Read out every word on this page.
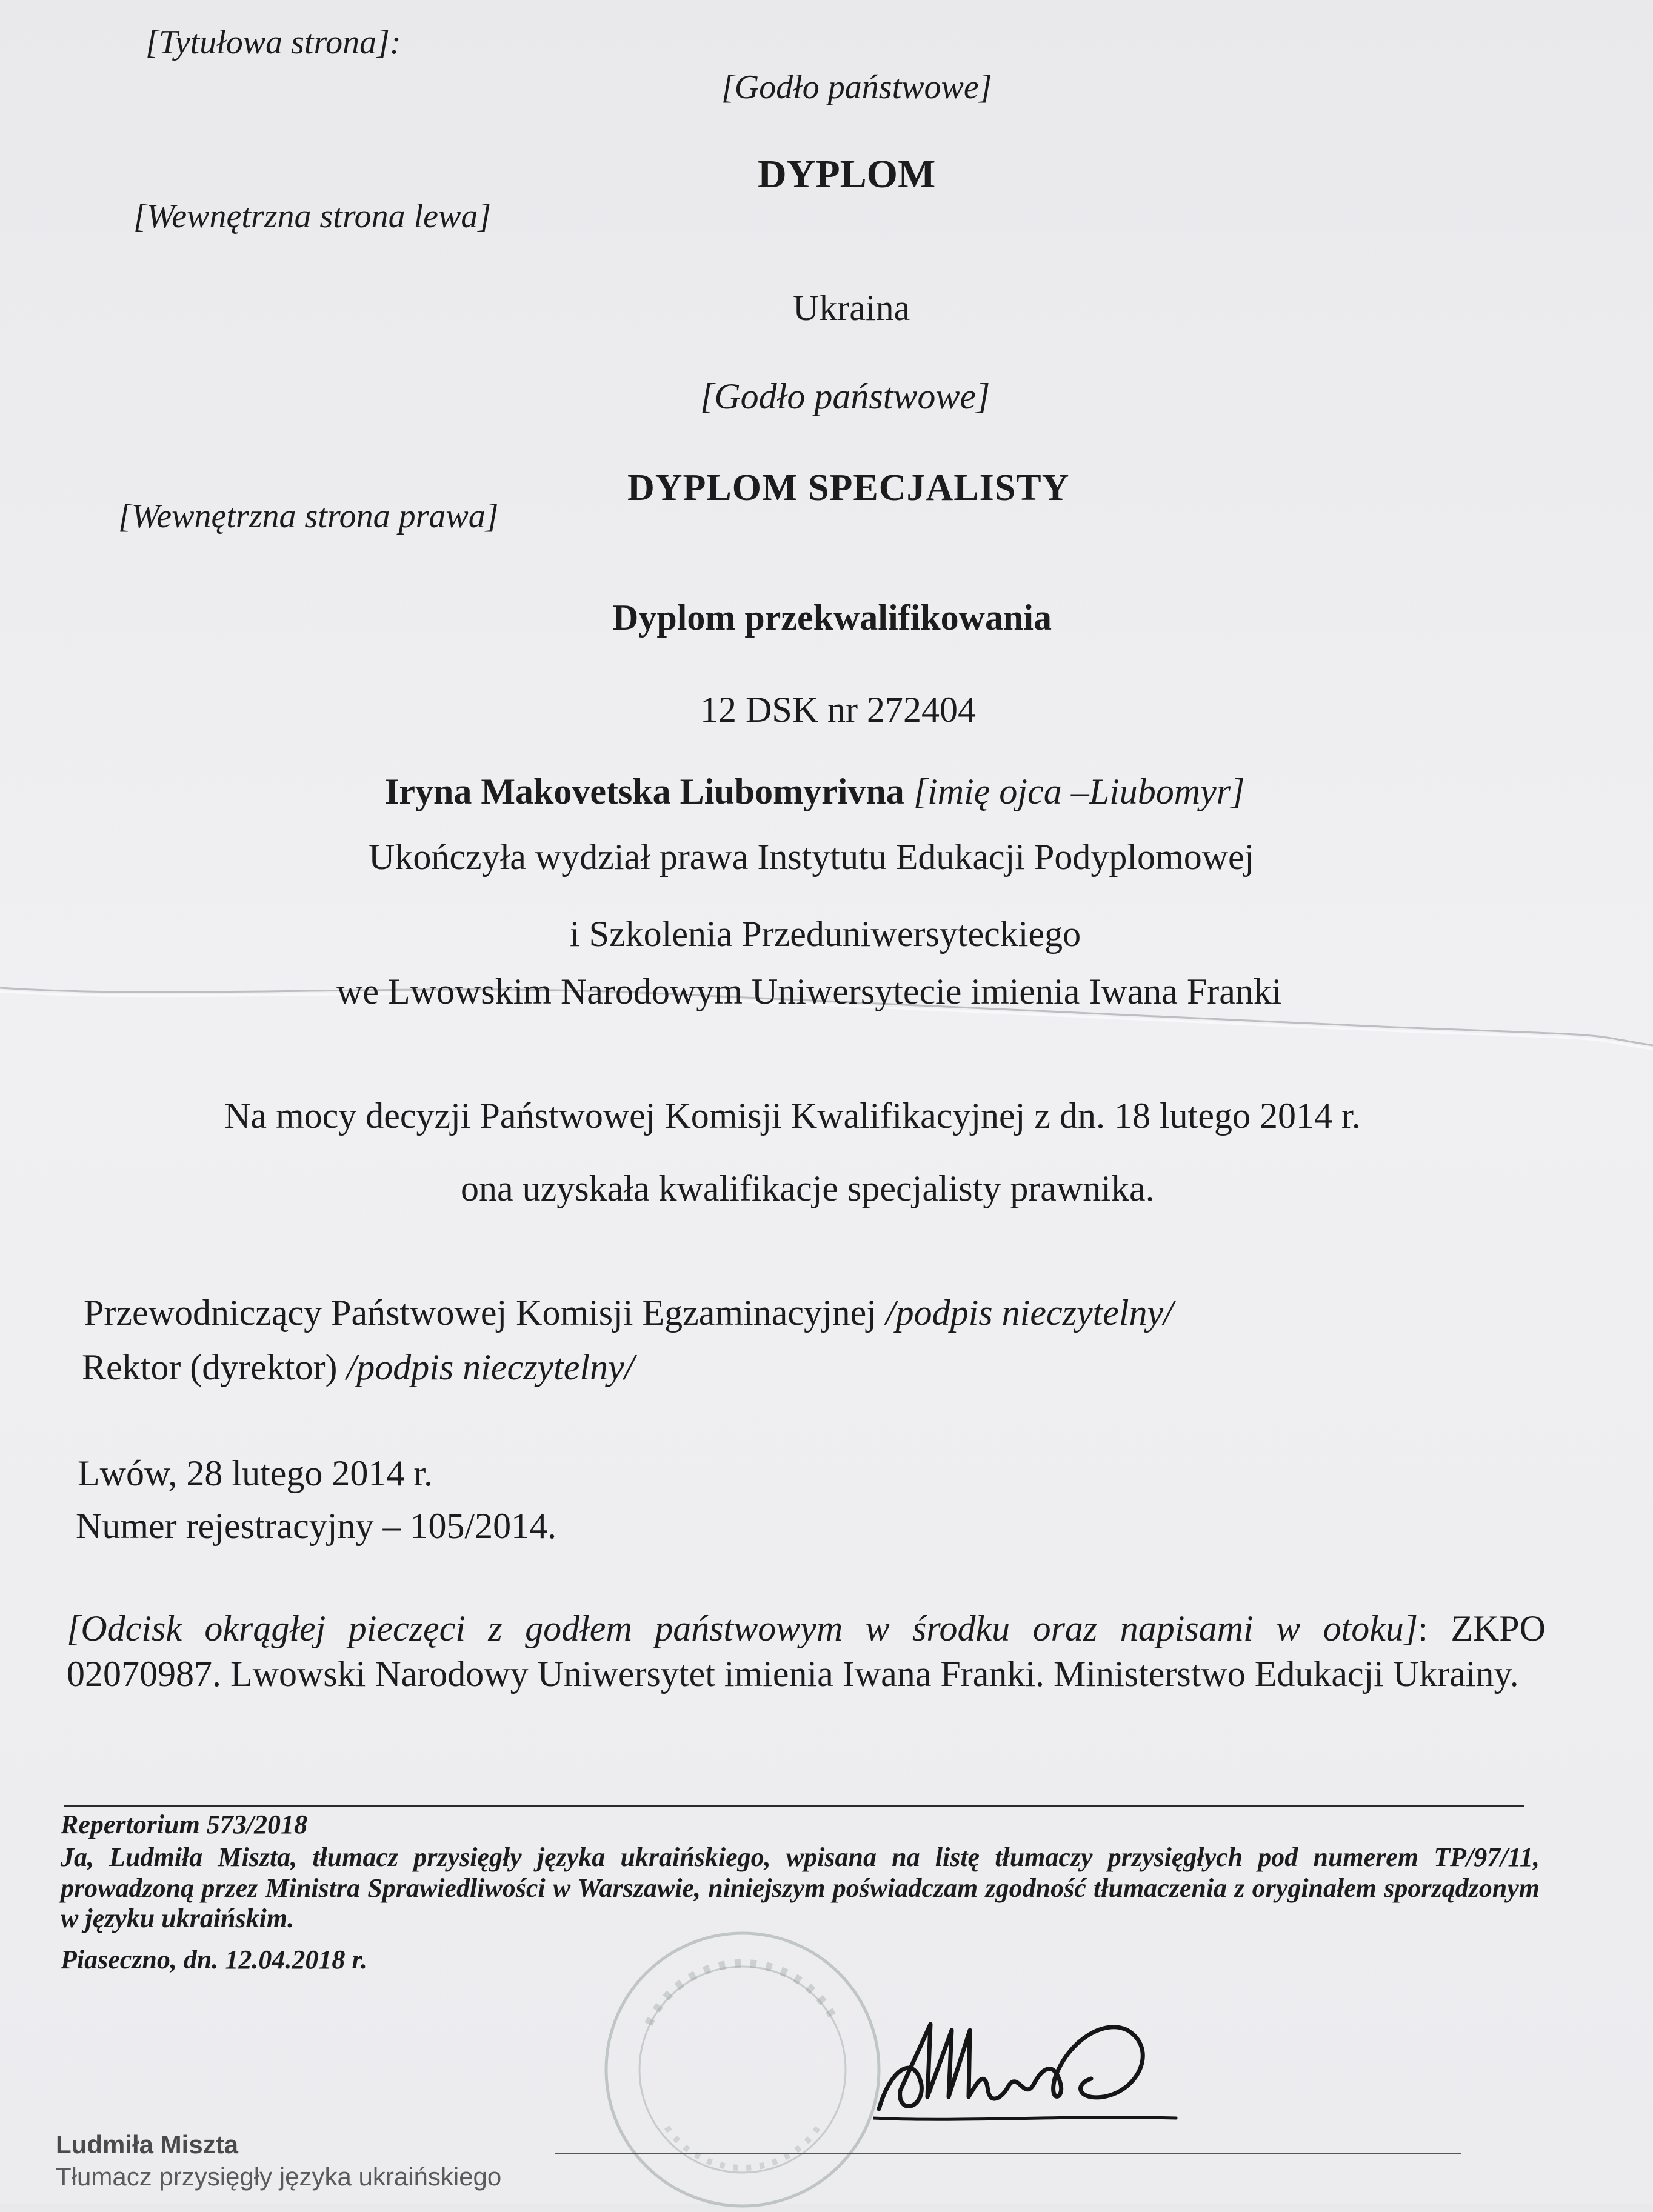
[Tytułowa strona]:
[Godło państwowe]
DYPLOM
[Wewnętrzna strona lewa]
Ukraina
[Godło państwowe]
DYPLOM SPECJALISTY
[Wewnętrzna strona prawa]
Dyplom przekwalifikowania
12 DSK nr 272404
Iryna Makovetska Liubomyrivna [imię ojca –Liubomyr]
Ukończyła wydział prawa Instytutu Edukacji Podyplomowej
i Szkolenia Przeduniwersyteckiego
we Lwowskim Narodowym Uniwersytecie imienia Iwana Franki
Na mocy decyzji Państwowej Komisji Kwalifikacyjnej z dn. 18 lutego 2014 r.
ona uzyskała kwalifikacje specjalisty prawnika.
Przewodniczący Państwowej Komisji Egzaminacyjnej /podpis nieczytelny/
Rektor (dyrektor) /podpis nieczytelny/
Lwów, 28 lutego 2014 r.
Numer rejestracyjny – 105/2014.
[Odcisk okrągłej pieczęci z godłem państwowym w środku oraz napisami w otoku]: ZKPO 02070987. Lwowski Narodowy Uniwersytet imienia Iwana Franki. Ministerstwo Edukacji Ukrainy.
Repertorium 573/2018
Ja, Ludmiła Miszta, tłumacz przysięgły języka ukraińskiego, wpisana na listę tłumaczy przysięgłych pod numerem TP/97/11, prowadzoną przez Ministra Sprawiedliwości w Warszawie, niniejszym poświadczam zgodność tłumaczenia z oryginałem sporządzonym w języku ukraińskim.
Piaseczno, dn. 12.04.2018 r.
Ludmiła Miszta
Tłumacz przysięgły języka ukraińskiego
